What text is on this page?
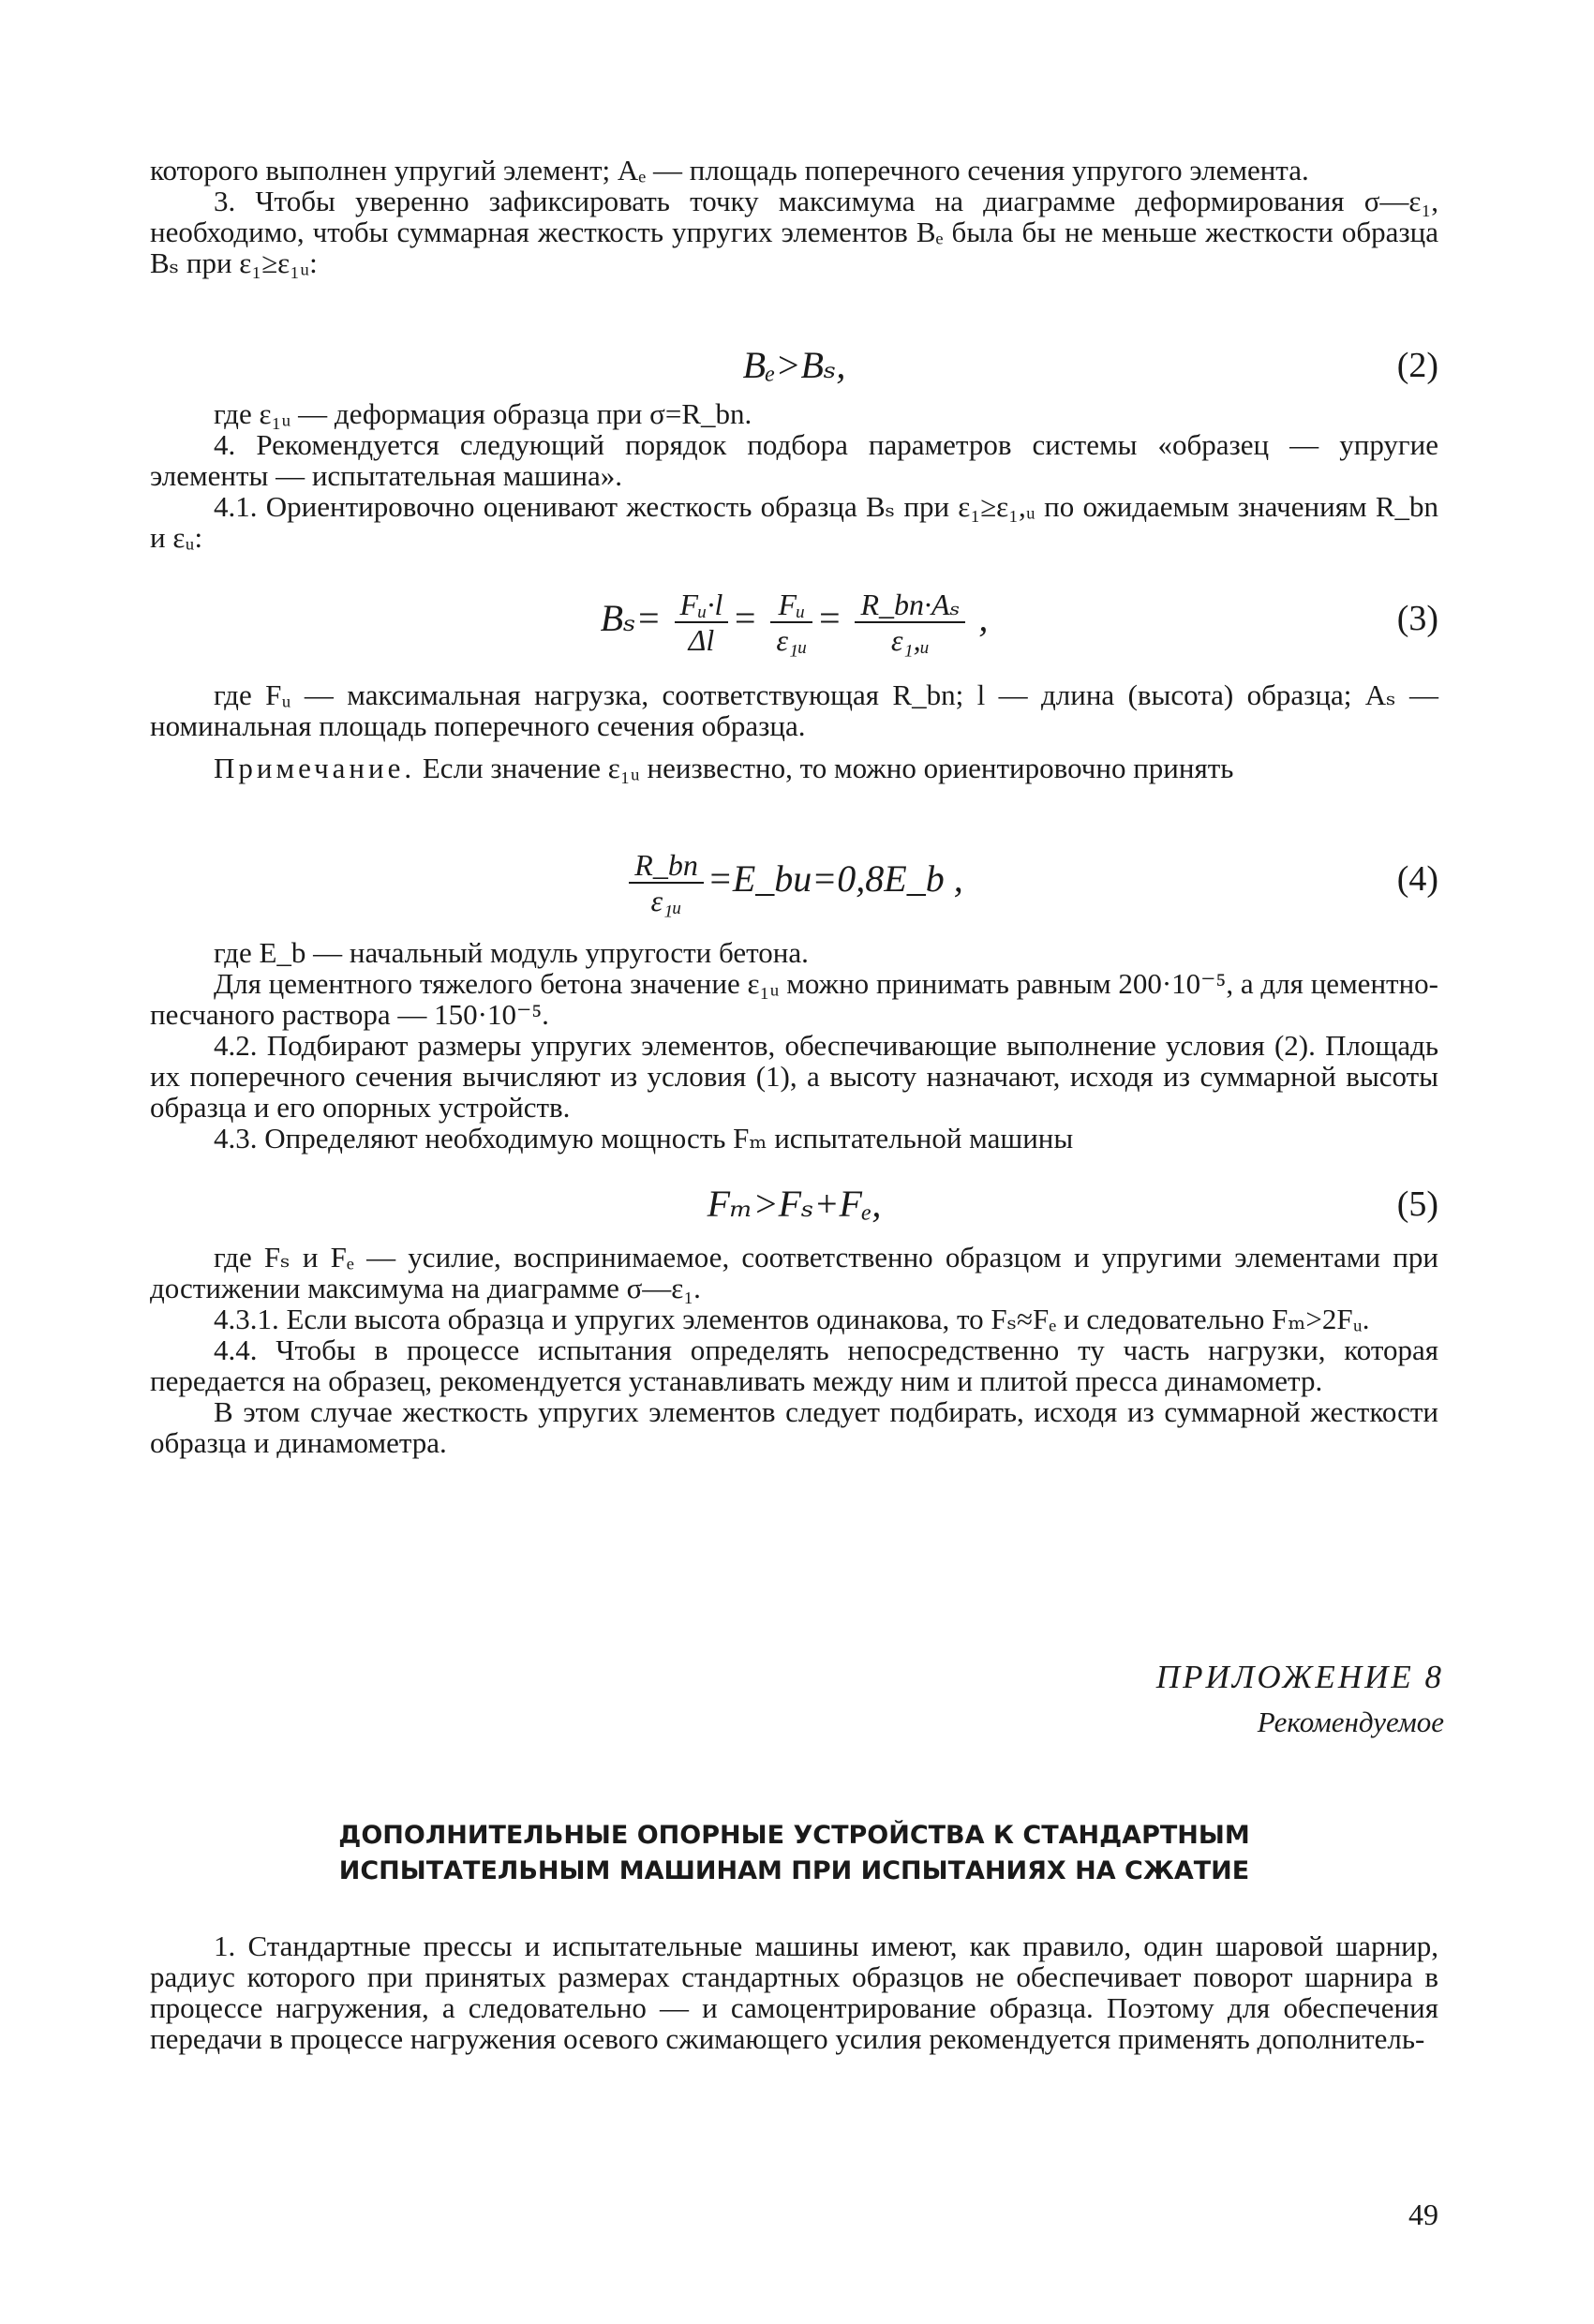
которого выполнен упругий элемент; Aₑ — площадь поперечного сечения упругого элемента.

3. Чтобы уверенно зафиксировать точку максимума на диаграмме деформирования σ—ε₁, необходимо, чтобы суммарная жесткость упругих элементов Bₑ была бы не меньше жесткости образца Bₛ при ε₁≥ε₁ᵤ:

Bₑ>Bₛ,	(2)

где ε₁ᵤ — деформация образца при σ=R_bn.

4. Рекомендуется следующий порядок подбора параметров системы «образец — упругие элементы — испытательная машина».

4.1. Ориентировочно оценивают жесткость образца Bₛ при ε₁≥ε₁,ᵤ по ожидаемым значениям R_bn и εᵤ:

$B_s= \frac{\text{Fᵤ·l}}{\Delta l} = \frac{\text{Fᵤ}}{\text{ε₁ᵤ}} = \frac{\text{R\_bn·Aₛ}}{\text{ε₁,ᵤ}}$ ,	(3)

где Fᵤ — максимальная нагрузка, соответствующая R_bn; l — длина (высота) образца; Aₛ — номинальная площадь поперечного сечения образца.

Примечание. Если значение ε₁ᵤ неизвестно, то можно ориентировочно принять

$\frac{R\_bn}{\text{ε₁ᵤ}}$ =E_bu=0,8E_b ,	(4)

где E_b — начальный модуль упругости бетона.

Для цементного тяжелого бетона значение ε₁ᵤ можно принимать равным 200·10⁻⁵, а для цементно-песчаного раствора — 150·10⁻⁵.

4.2. Подбирают размеры упругих элементов, обеспечивающие выполнение условия (2). Площадь их поперечного сечения вычисляют из условия (1), а высоту назначают, исходя из суммарной высоты образца и его опорных устройств.

4.3. Определяют необходимую мощность Fₘ испытательной машины

Fₘ>Fₛ+Fₑ,	(5)

где Fₛ и Fₑ — усилие, воспринимаемое, соответственно образцом и упругими элементами при достижении максимума на диаграмме σ—ε₁.

4.3.1. Если высота образца и упругих элементов одинакова, то Fₛ≈Fₑ и следовательно Fₘ>2Fᵤ.

4.4. Чтобы в процессе испытания определять непосредственно ту часть нагрузки, которая передается на образец, рекомендуется устанавливать между ним и плитой пресса динамометр.

В этом случае жесткость упругих элементов следует подбирать, исходя из суммарной жесткости образца и динамометра.

ПРИЛОЖЕНИЕ 8
Рекомендуемое
ДОПОЛНИТЕЛЬНЫЕ ОПОРНЫЕ УСТРОЙСТВА К СТАНДАРТНЫМ
ИСПЫТАТЕЛЬНЫМ МАШИНАМ ПРИ ИСПЫТАНИЯХ НА СЖАТИЕ

1. Стандартные прессы и испытательные машины имеют, как правило, один шаровой шарнир, радиус которого при принятых размерах стандартных образцов не обеспечивает поворот шарнира в процессе нагружения, а следовательно — и самоцентрирование образца. Поэтому для обеспечения передачи в процессе нагружения осевого сжимающего усилия рекомендуется применять дополнитель-

49
